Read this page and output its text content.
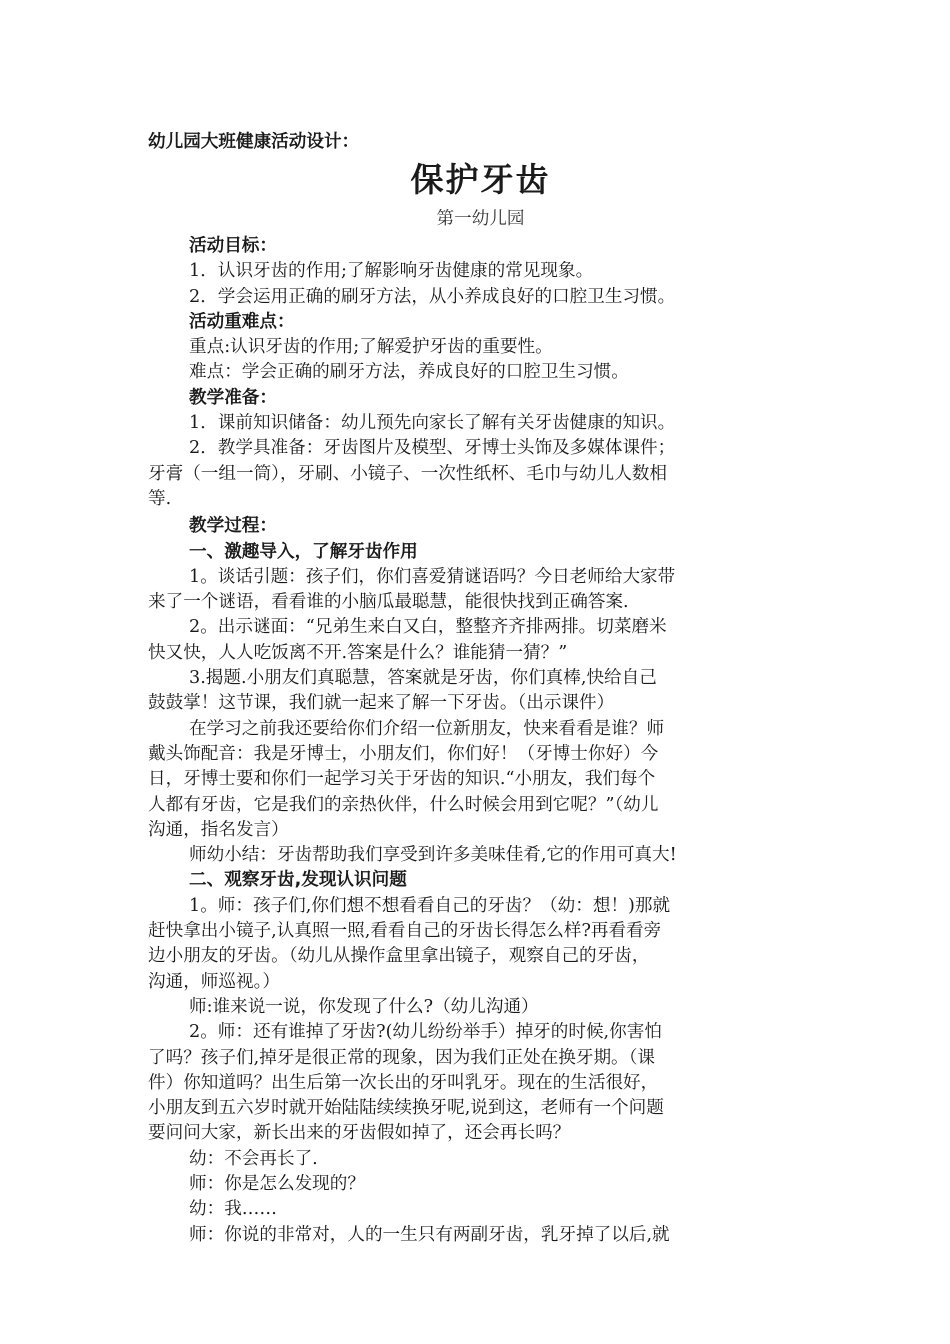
幼儿园大班健康活动设计：
保护牙齿
第一幼儿园
活动目标：
1．认识牙齿的作用;了解影响牙齿健康的常见现象。
2．学会运用正确的刷牙方法，从小养成良好的口腔卫生习惯。
活动重难点：
重点:认识牙齿的作用;了解爱护牙齿的重要性。
难点：学会正确的刷牙方法，养成良好的口腔卫生习惯。
教学准备：
1．课前知识储备：幼儿预先向家长了解有关牙齿健康的知识。
2．教学具准备：牙齿图片及模型、牙博士头饰及多媒体课件；
牙膏（一组一筒），牙刷、小镜子、一次性纸杯、毛巾与幼儿人数相
等.
教学过程：
一、激趣导入，了解牙齿作用
1。谈话引题：孩子们，你们喜爱猜谜语吗？今日老师给大家带
来了一个谜语，看看谁的小脑瓜最聪慧，能很快找到正确答案.
2。出示谜面：“兄弟生来白又白，整整齐齐排两排。切菜磨米
快又快，人人吃饭离不开.答案是什么？谁能猜一猜？”
3.揭题.小朋友们真聪慧，答案就是牙齿，你们真棒,快给自己
鼓鼓掌！这节课，我们就一起来了解一下牙齿。（出示课件）
在学习之前我还要给你们介绍一位新朋友，快来看看是谁？师
戴头饰配音：我是牙博士，小朋友们，你们好！（牙博士你好）今
日，牙博士要和你们一起学习关于牙齿的知识.“小朋友，我们每个
人都有牙齿，它是我们的亲热伙伴，什么时候会用到它呢？”（幼儿
沟通，指名发言）
师幼小结：牙齿帮助我们享受到许多美味佳肴,它的作用可真大!
二、观察牙齿,发现认识问题
1。师：孩子们,你们想不想看看自己的牙齿？（幼：想！)那就
赶快拿出小镜子,认真照一照,看看自己的牙齿长得怎么样?再看看旁
边小朋友的牙齿。（幼儿从操作盒里拿出镜子，观察自己的牙齿，
沟通，师巡视。）
师:谁来说一说，你发现了什么?（幼儿沟通）
2。师：还有谁掉了牙齿?(幼儿纷纷举手）掉牙的时候,你害怕
了吗？孩子们,掉牙是很正常的现象，因为我们正处在换牙期。（课
件）你知道吗？出生后第一次长出的牙叫乳牙。现在的生活很好，
小朋友到五六岁时就开始陆陆续续换牙呢,说到这，老师有一个问题
要问问大家，新长出来的牙齿假如掉了，还会再长吗？
幼：不会再长了.
师：你是怎么发现的？
幼：我……
师：你说的非常对，人的一生只有两副牙齿，乳牙掉了以后,就
